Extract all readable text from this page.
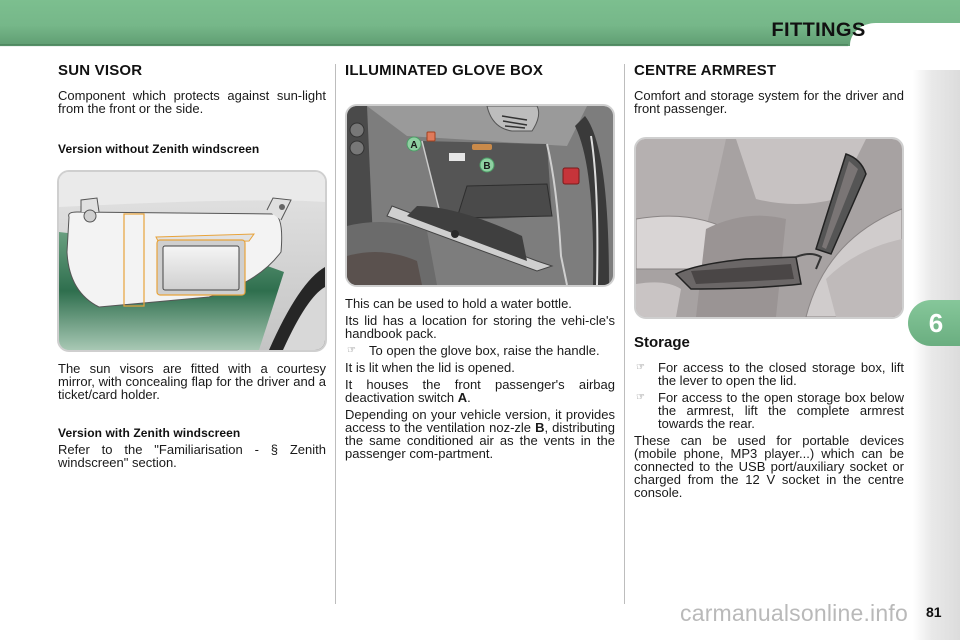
FITTINGS
6
81
carmanualsonline.info
SUN VISOR

Component which protects against sun-light from the front or the side.

Version without Zenith windscreen

The sun visors are fitted with a courtesy mirror, with concealing flap for the driver and a ticket/card holder.

Version with Zenith windscreen

Refer to the "Familiarisation - § Zenith windscreen" section.

ILLUMINATED GLOVE BOX
A
B

This can be used to hold a water bottle.

Its lid has a location for storing the vehi-cle's handbook pack.

☞	To open the glove box, raise the handle.

It is lit when the lid is opened.

It houses the front passenger's airbag deactivation switch A.

Depending on your vehicle version, it provides access to the ventilation noz-zle B, distributing the same conditioned air as the vents in the passenger com-partment.

CENTRE ARMREST

Comfort and storage system for the driver and front passenger.

Storage
☞	For access to the closed storage box, lift the lever to open the lid.
☞	For access to the open storage box below the armrest, lift the complete armrest towards the rear.

These can be used for portable devices (mobile phone, MP3 player...) which can be connected to the USB port/auxiliary socket or charged from the 12 V socket in the centre console.
